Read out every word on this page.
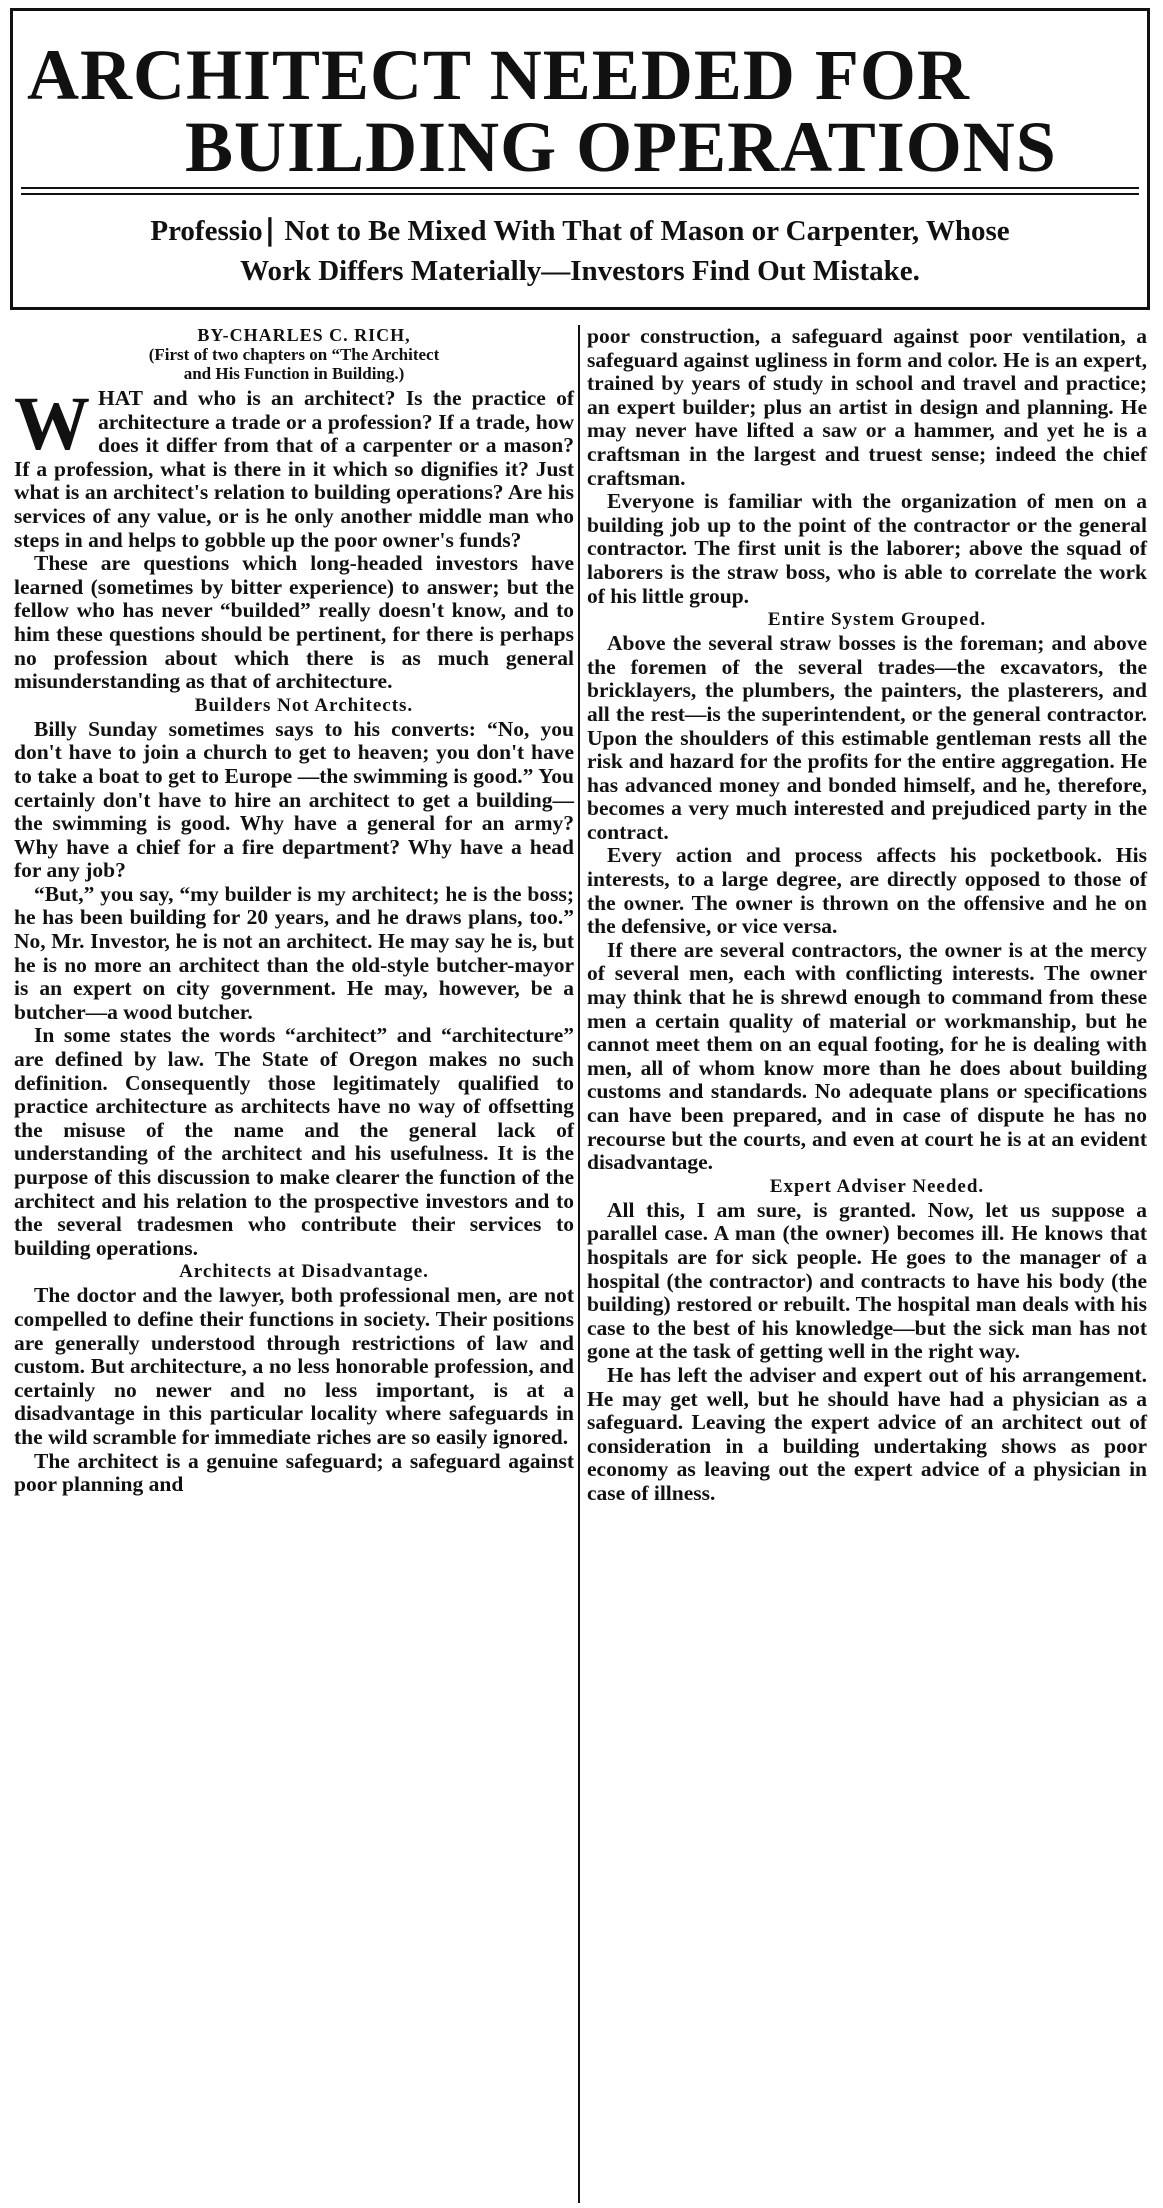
ARCHITECT NEEDED FOR
BUILDING OPERATIONS
Professio∣ Not to Be Mixed With That of Mason or Carpenter, Whose
Work Differs Materially—Investors Find Out Mistake.

BY-CHARLES C. RICH,

(First of two chapters on “The Architect
and His Function in Building.)

WHAT and who is an architect? Is the practice of architecture a trade or a profession? If a trade, how does it differ from that of a carpenter or a mason? If a profession, what is there in it which so dignifies it? Just what is an architect's relation to building operations? Are his services of any value, or is he only another middle man who steps in and helps to gobble up the poor owner's funds?

These are questions which long-headed investors have learned (sometimes by bitter experience) to answer; but the fellow who has never “builded” really doesn't know, and to him these questions should be pertinent, for there is perhaps no profession about which there is as much general misunderstanding as that of architecture.

Builders Not Architects.

Billy Sunday sometimes says to his converts: “No, you don't have to join a church to get to heaven; you don't have to take a boat to get to Europe —the swimming is good.” You certainly don't have to hire an architect to get a building—the swimming is good. Why have a general for an army? Why have a chief for a fire department? Why have a head for any job?

“But,” you say, “my builder is my architect; he is the boss; he has been building for 20 years, and he draws plans, too.” No, Mr. Investor, he is not an architect. He may say he is, but he is no more an architect than the old-style butcher-mayor is an expert on city government. He may, however, be a butcher—a wood butcher.

In some states the words “architect” and “architecture” are defined by law. The State of Oregon makes no such definition. Consequently those legitimately qualified to practice architecture as architects have no way of offsetting the misuse of the name and the general lack of understanding of the architect and his usefulness. It is the purpose of this discussion to make clearer the function of the architect and his relation to the prospective investors and to the several tradesmen who contribute their services to building operations.

Architects at Disadvantage.

The doctor and the lawyer, both professional men, are not compelled to define their functions in society. Their positions are generally understood through restrictions of law and custom. But architecture, a no less honorable profession, and certainly no newer and no less important, is at a disadvantage in this particular locality where safeguards in the wild scramble for immediate riches are so easily ignored.

The architect is a genuine safeguard; a safeguard against poor planning and

poor construction, a safeguard against poor ventilation, a safeguard against ugliness in form and color. He is an expert, trained by years of study in school and travel and practice; an expert builder; plus an artist in design and planning. He may never have lifted a saw or a hammer, and yet he is a craftsman in the largest and truest sense; indeed the chief craftsman.

Everyone is familiar with the organization of men on a building job up to the point of the contractor or the general contractor. The first unit is the laborer; above the squad of laborers is the straw boss, who is able to correlate the work of his little group.

Entire System Grouped.

Above the several straw bosses is the foreman; and above the foremen of the several trades—the excavators, the bricklayers, the plumbers, the painters, the plasterers, and all the rest—is the superintendent, or the general contractor. Upon the shoulders of this estimable gentleman rests all the risk and hazard for the profits for the entire aggregation. He has advanced money and bonded himself, and he, therefore, becomes a very much interested and prejudiced party in the contract.

Every action and process affects his pocketbook. His interests, to a large degree, are directly opposed to those of the owner. The owner is thrown on the offensive and he on the defensive, or vice versa.

If there are several contractors, the owner is at the mercy of several men, each with conflicting interests. The owner may think that he is shrewd enough to command from these men a certain quality of material or workmanship, but he cannot meet them on an equal footing, for he is dealing with men, all of whom know more than he does about building customs and standards. No adequate plans or specifications can have been prepared, and in case of dispute he has no recourse but the courts, and even at court he is at an evident disadvantage.

Expert Adviser Needed.

All this, I am sure, is granted. Now, let us suppose a parallel case. A man (the owner) becomes ill. He knows that hospitals are for sick people. He goes to the manager of a hospital (the contractor) and contracts to have his body (the building) restored or rebuilt. The hospital man deals with his case to the best of his knowledge—but the sick man has not gone at the task of getting well in the right way.

He has left the adviser and expert out of his arrangement. He may get well, but he should have had a physician as a safeguard. Leaving the expert advice of an architect out of consideration in a building undertaking shows as poor economy as leaving out the expert advice of a physician in case of illness.
